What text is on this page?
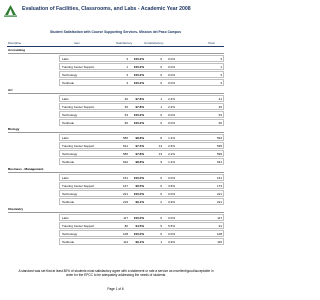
Evaluation of Facilities, Classrooms, and Labs - Academic Year 2008
Student Satisfaction with Course Supporting Services- Mission del Paso Campus
Discipline	Item	Satisfactory	Unsatisfactory	Total
Accounting
Labs	3	100.0%	0	0.0%	3
Tutoring Center Support	1	100.0%	0	0.0%	1
Technology	3	100.0%	0	0.0%	3
Textbook	3	100.0%	0	0.0%	3
Art
Labs	40	97.6%	1	2.4%	41
Tutoring Center Support	45	97.8%	1	2.2%	46
Technology	63	100.0%	0	0.0%	63
Textbook	60	100.0%	0	0.0%	60
Biology
Labs	586	98.6%	8	1.4%	594
Tutoring Center Support	521	97.4%	14	2.6%	535
Technology	586	97.8%	13	2.2%	599
Textbook	622	98.6%	9	1.4%	631
Business - Management
Labs	151	100.0%	0	0.0%	151
Tutoring Center Support	167	96.5%	6	3.5%	173
Technology	221	100.0%	0	0.0%	221
Textbook	219	99.1%	2	0.9%	221
Chemistry
Labs	117	100.0%	0	0.0%	117
Tutoring Center Support	86	94.5%	5	5.5%	91
Technology	108	100.0%	0	0.0%	108
Textbook	114	99.1%	1	0.9%	115
A standard was set that at least 80% of students must satisfactory agree with a statement or rate a service as excellent/good/acceptable in order for the EPCC to be adequately addressing the needs of students.
Page 1 of 6
